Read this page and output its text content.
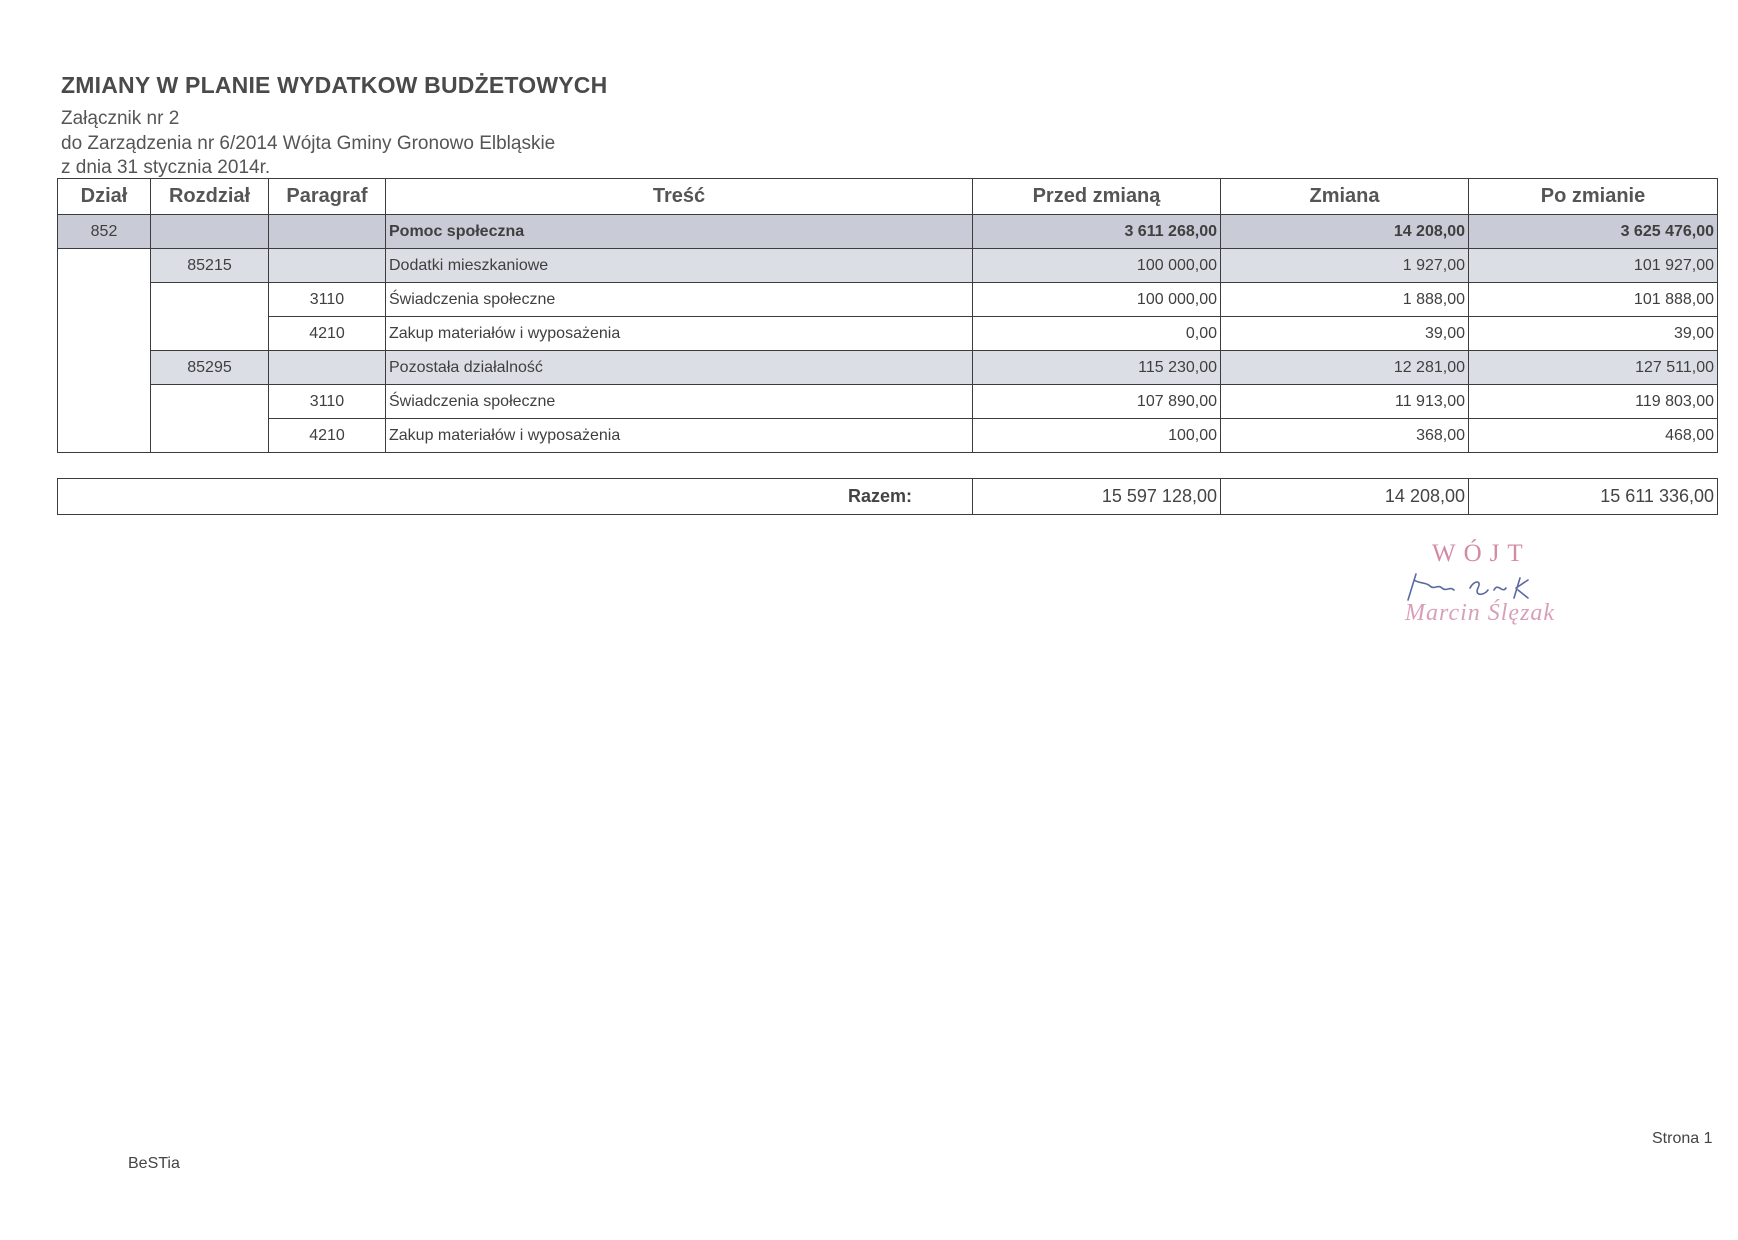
ZMIANY W PLANIE WYDATKOW BUDŻETOWYCH
Załącznik nr 2
do Zarządzenia nr 6/2014 Wójta Gminy Gronowo Elbląskie
z dnia 31 stycznia 2014r.
Dział	Rozdział	Paragraf	Treść	Przed zmianą	Zmiana	Po zmianie
852			Pomoc społeczna	3 611 268,00	14 208,00	3 625 476,00
	85215		Dodatki mieszkaniowe	100 000,00	1 927,00	101 927,00
		3110	Świadczenia społeczne	100 000,00	1 888,00	101 888,00
		4210	Zakup materiałów i wyposażenia	0,00	39,00	39,00
	85295		Pozostała działalność	115 230,00	12 281,00	127 511,00
		3110	Świadczenia społeczne	107 890,00	11 913,00	119 803,00
		4210	Zakup materiałów i wyposażenia	100,00	368,00	468,00
Razem:	15 597 128,00	14 208,00	15 611 336,00
WÓJT
Marcin Ślęzak
BeSTia
Strona 1
